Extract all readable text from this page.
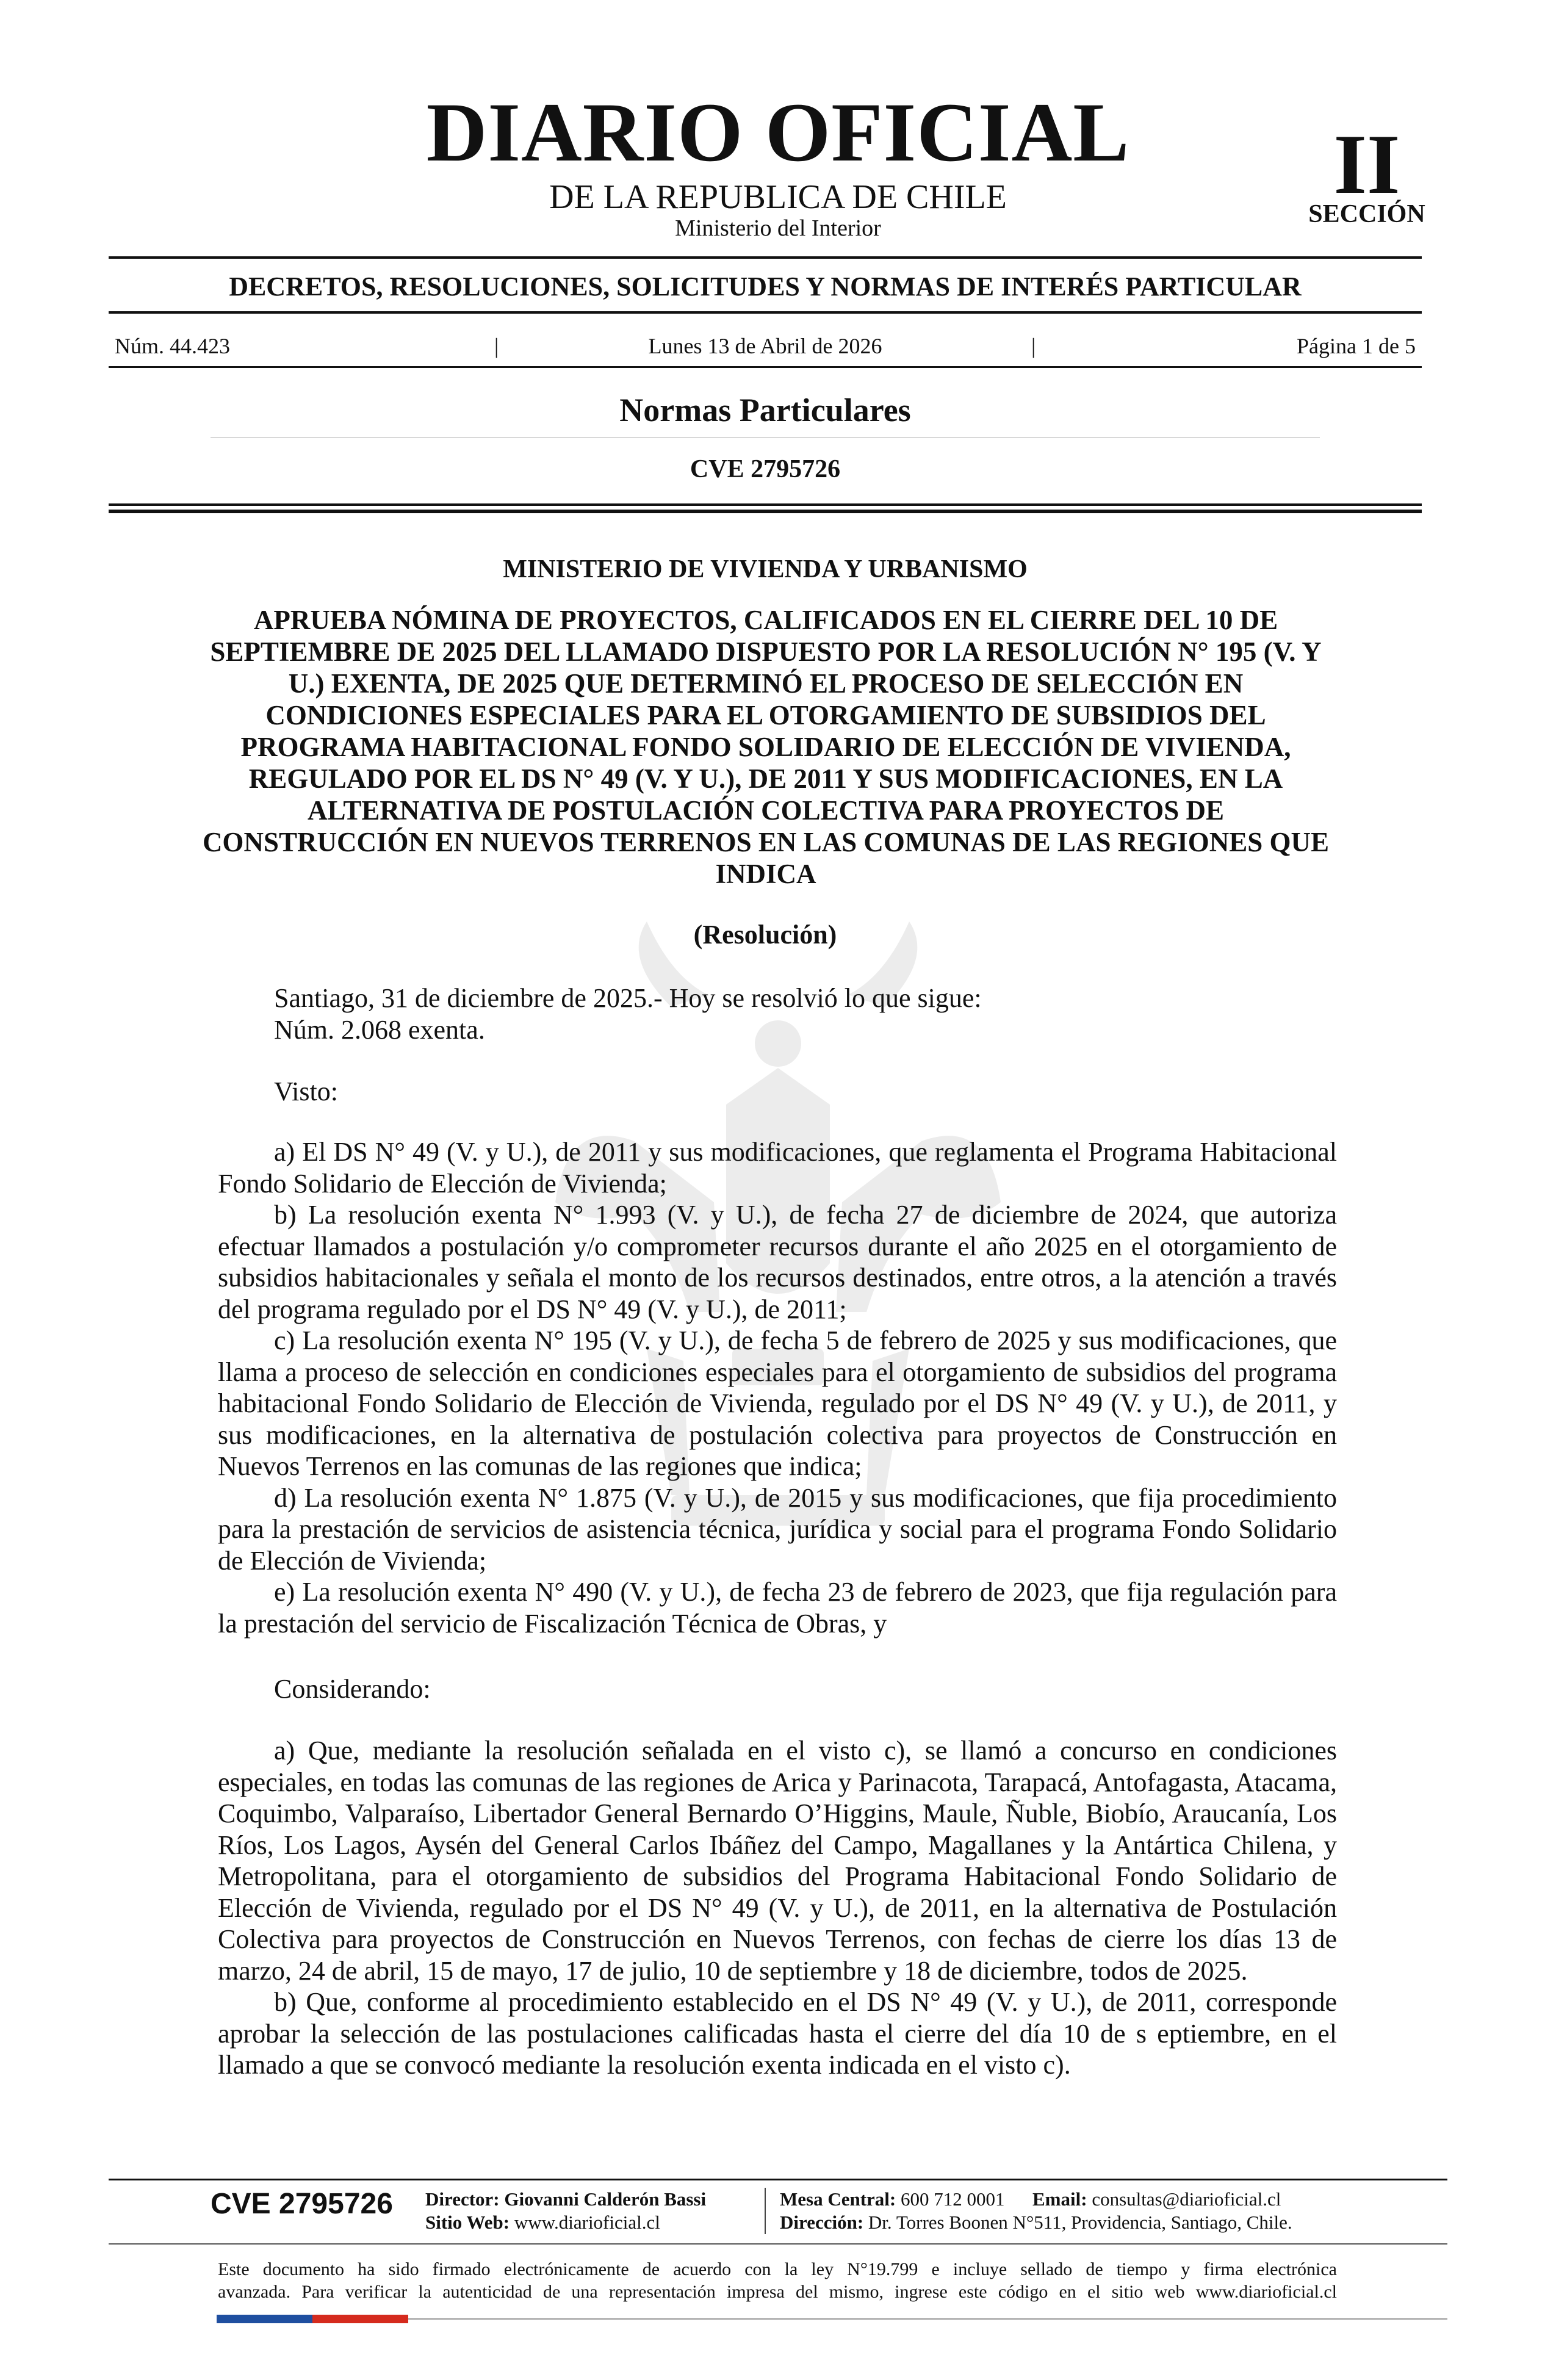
DIARIO OFICIAL
DE LA REPUBLICA DE CHILE
Ministerio del Interior
II
SECCIÓN
DECRETOS, RESOLUCIONES, SOLICITUDES Y NORMAS DE INTERÉS PARTICULAR
Núm. 44.423	|	Lunes 13 de Abril de 2026	|	Página 1 de 5
Normas Particulares
CVE 2795726
MINISTERIO DE VIVIENDA Y URBANISMO
APRUEBA NÓMINA DE PROYECTOS, CALIFICADOS EN EL CIERRE DEL 10 DE SEPTIEMBRE DE 2025 DEL LLAMADO DISPUESTO POR LA RESOLUCIÓN N° 195 (V. Y U.) EXENTA, DE 2025 QUE DETERMINÓ EL PROCESO DE SELECCIÓN EN CONDICIONES ESPECIALES PARA EL OTORGAMIENTO DE SUBSIDIOS DEL PROGRAMA HABITACIONAL FONDO SOLIDARIO DE ELECCIÓN DE VIVIENDA, REGULADO POR EL DS N° 49 (V. Y U.), DE 2011 Y SUS MODIFICACIONES, EN LA ALTERNATIVA DE POSTULACIÓN COLECTIVA PARA PROYECTOS DE CONSTRUCCIÓN EN NUEVOS TERRENOS EN LAS COMUNAS DE LAS REGIONES QUE INDICA
(Resolución)
Santiago, 31 de diciembre de 2025.- Hoy se resolvió lo que sigue:
Núm. 2.068 exenta.
Visto:

a) El DS N° 49 (V. y U.), de 2011 y sus modificaciones, que reglamenta el Programa Habitacional Fondo Solidario de Elección de Vivienda;

b) La resolución exenta N° 1.993 (V. y U.), de fecha 27 de diciembre de 2024, que autoriza efectuar llamados a postulación y/o comprometer recursos durante el año 2025 en el otorgamiento de subsidios habitacionales y señala el monto de los recursos destinados, entre otros, a la atención a través del programa regulado por el DS N° 49 (V. y U.), de 2011;

c) La resolución exenta N° 195 (V. y U.), de fecha 5 de febrero de 2025 y sus modificaciones, que llama a proceso de selección en condiciones especiales para el otorgamiento de subsidios del programa habitacional Fondo Solidario de Elección de Vivienda, regulado por el DS N° 49 (V. y U.), de 2011, y sus modificaciones, en la alternativa de postulación colectiva para proyectos de Construcción en Nuevos Terrenos en las comunas de las regiones que indica;

d) La resolución exenta N° 1.875 (V. y U.), de 2015 y sus modificaciones, que fija procedimiento para la prestación de servicios de asistencia técnica, jurídica y social para el programa Fondo Solidario de Elección de Vivienda;

e) La resolución exenta N° 490 (V. y U.), de fecha 23 de febrero de 2023, que fija regulación para la prestación del servicio de Fiscalización Técnica de Obras, y

Considerando:

a) Que, mediante la resolución señalada en el visto c), se llamó a concurso en condiciones especiales, en todas las comunas de las regiones de Arica y Parinacota, Tarapacá, Antofagasta, Atacama, Coquimbo, Valparaíso, Libertador General Bernardo O’Higgins, Maule, Ñuble, Biobío, Araucanía, Los Ríos, Los Lagos, Aysén del General Carlos Ibáñez del Campo, Magallanes y la Antártica Chilena, y Metropolitana, para el otorgamiento de subsidios del Programa Habitacional Fondo Solidario de Elección de Vivienda, regulado por el DS N° 49 (V. y U.), de 2011, en la alternativa de Postulación Colectiva para proyectos de Construcción en Nuevos Terrenos, con fechas de cierre los días 13 de marzo, 24 de abril, 15 de mayo, 17 de julio, 10 de septiembre y 18 de diciembre, todos de 2025.

b) Que, conforme al procedimiento establecido en el DS N° 49 (V. y U.), de 2011, corresponde aprobar la selección de las postulaciones calificadas hasta el cierre del día 10 de s eptiembre, en el llamado a que se convocó mediante la resolución exenta indicada en el visto c).

CVE 2795726 Director: Giovanni Calderón Bassi
Sitio Web: www.diarioficial.cl
Mesa Central: 600 712 0001 Email: consultas@diarioficial.cl
Dirección: Dr. Torres Boonen N°511, Providencia, Santiago, Chile.
Este documento ha sido firmado electrónicamente de acuerdo con la ley N°19.799 e incluye sellado de tiempo y firma electrónica
avanzada. Para verificar la autenticidad de una representación impresa del mismo, ingrese este código en el sitio web www.diarioficial.cl
